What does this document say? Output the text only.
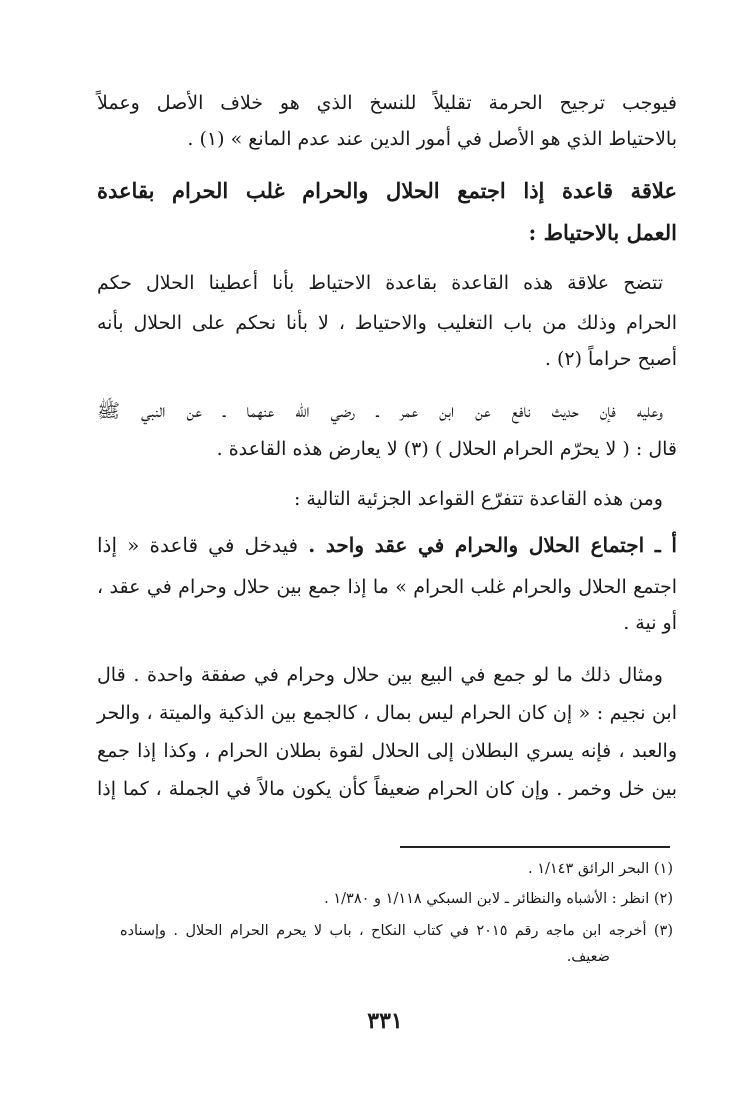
فيوجب ترجيح الحرمة تقليلاً للنسخ الذي هو خلاف الأصل وعملاً
بالاحتياط الذي هو الأصل في أمور الدين عند عدم المانع » (١) .
علاقة قاعدة إذا اجتمع الحلال والحرام غلب الحرام بقاعدة
العمل بالاحتياط :
تتضح علاقة هذه القاعدة بقاعدة الاحتياط بأنا أعطينا الحلال حكم
الحرام وذلك من باب التغليب والاحتياط ، لا بأنا نحكم على الحلال بأنه
أصبح حراماً (٢) .
وعليه فإن حديث نافع عن ابن عمر ـ رضي الله عنهما ـ عن النبي ﷺ
قال : ( لا يحرّم الحرام الحلال ) (٣) لا يعارض هذه القاعدة .
ومن هذه القاعدة تتفرّع القواعد الجزئية التالية :
أ ـ اجتماع الحلال والحرام في عقد واحد . فيدخل في قاعدة « إذا
اجتمع الحلال والحرام غلب الحرام » ما إذا جمع بين حلال وحرام في عقد ،
أو نية .
ومثال ذلك ما لو جمع في البيع بين حلال وحرام في صفقة واحدة . قال
ابن نجيم : « إن كان الحرام ليس بمال ، كالجمع بين الذكية والميتة ، والحر
والعبد ، فإنه يسري البطلان إلى الحلال لقوة بطلان الحرام ، وكذا إذا جمع
بين خل وخمر . وإن كان الحرام ضعيفاً كأن يكون مالاً في الجملة ، كما إذا
(١) البحر الرائق ١/١٤٣ .
(٢) انظر : الأشباه والنظائر ـ لابن السبكي ١/١١٨ و ١/٣٨٠ .
(٣) أخرجه ابن ماجه رقم ٢٠١٥ في كتاب النكاح ، باب لا يحرم الحرام الحلال . وإسناده
ضعيف.
٣٣١
